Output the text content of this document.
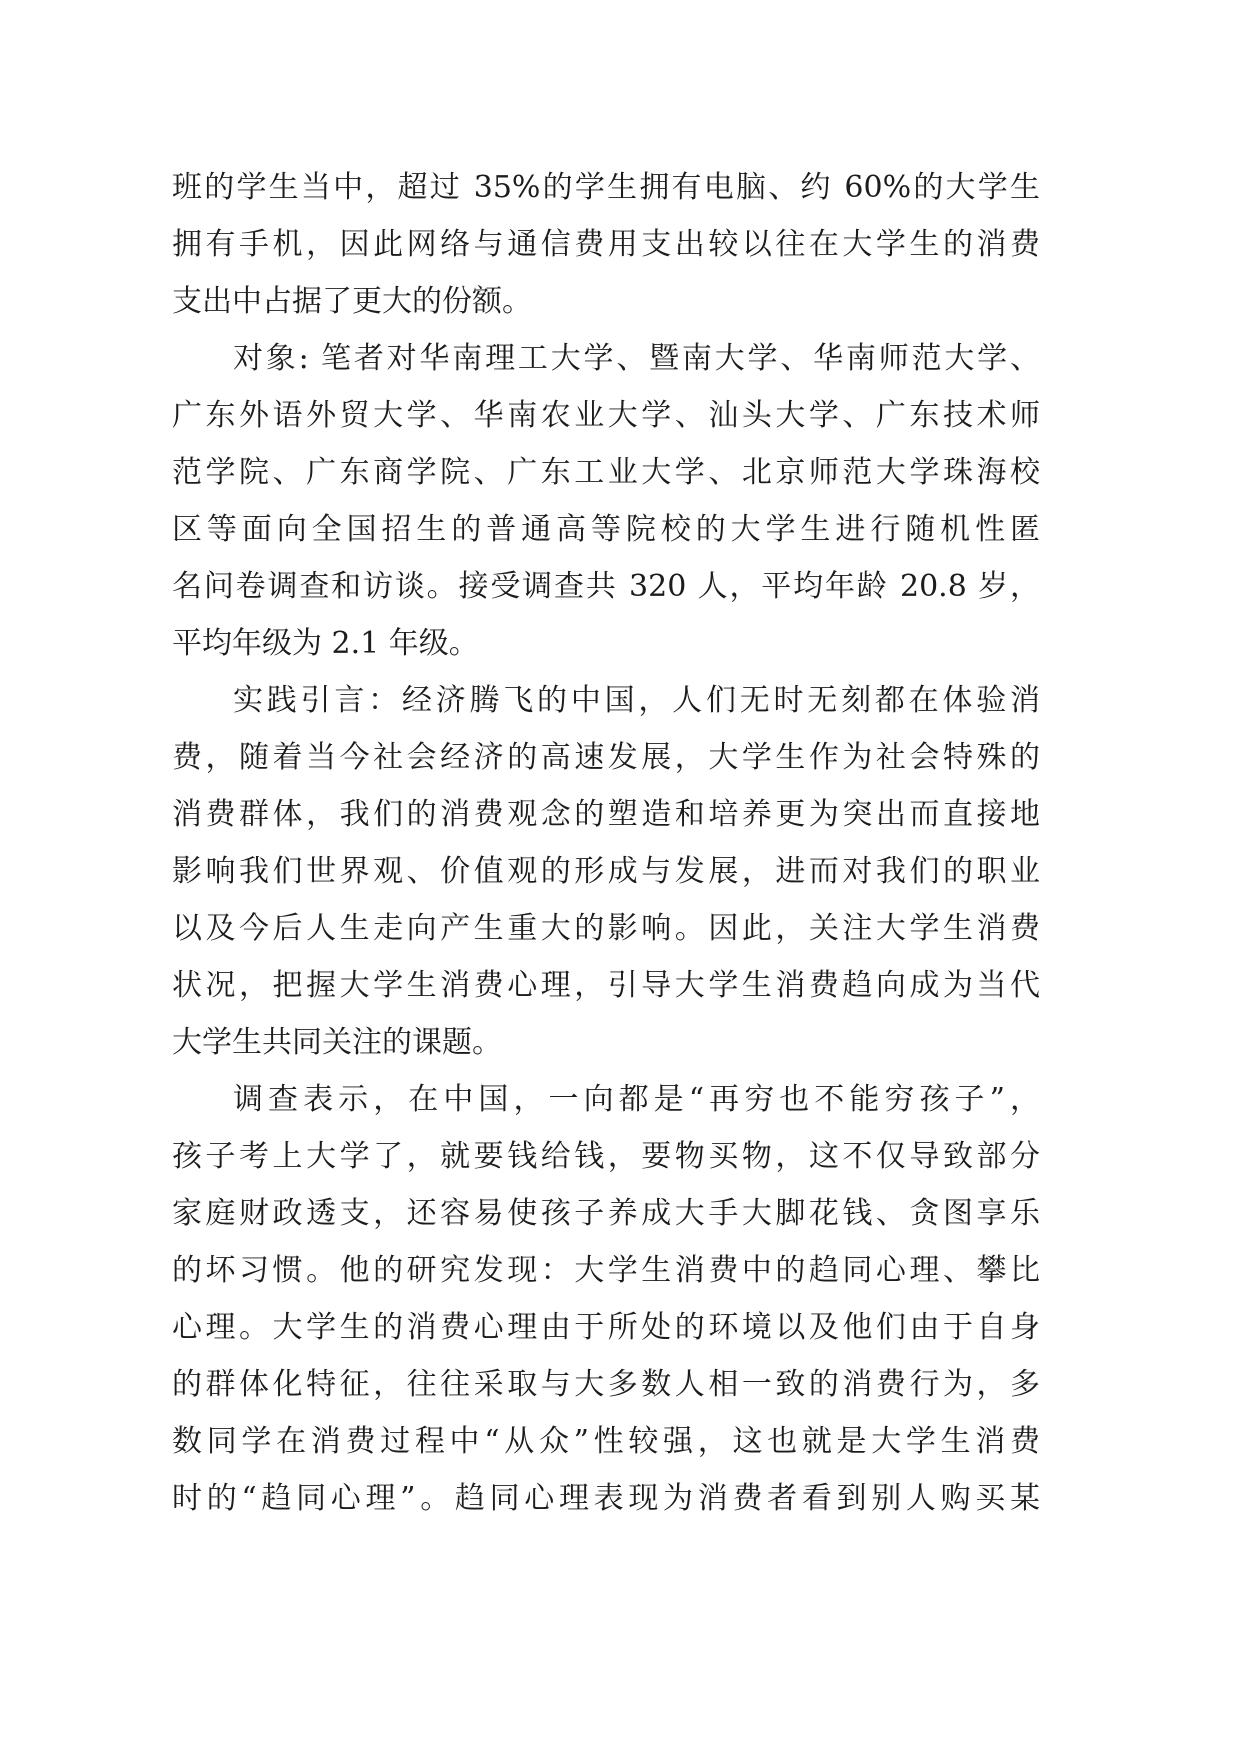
班的学生当中，超过 35%的学生拥有电脑、约 60%的大学生
拥有手机，因此网络与通信费用支出较以往在大学生的消费
支出中占据了更大的份额。
对象: 笔者对华南理工大学、暨南大学、华南师范大学、
广东外语外贸大学、华南农业大学、汕头大学、广东技术师
范学院、广东商学院、广东工业大学、北京师范大学珠海校
区等面向全国招生的普通高等院校的大学生进行随机性匿
名问卷调查和访谈。接受调查共 320 人，平均年龄 20.8 岁，
平均年级为 2.1 年级。
实践引言：经济腾飞的中国，人们无时无刻都在体验消
费，随着当今社会经济的高速发展，大学生作为社会特殊的
消费群体，我们的消费观念的塑造和培养更为突出而直接地
影响我们世界观、价值观的形成与发展，进而对我们的职业
以及今后人生走向产生重大的影响。因此，关注大学生消费
状况，把握大学生消费心理，引导大学生消费趋向成为当代
大学生共同关注的课题。
调查表示，在中国，一向都是“再穷也不能穷孩子”，
孩子考上大学了，就要钱给钱，要物买物，这不仅导致部分
家庭财政透支，还容易使孩子养成大手大脚花钱、贪图享乐
的坏习惯。他的研究发现：大学生消费中的趋同心理、攀比
心理。大学生的消费心理由于所处的环境以及他们由于自身
的群体化特征，往往采取与大多数人相一致的消费行为，多
数同学在消费过程中“从众”性较强，这也就是大学生消费
时的“趋同心理”。趋同心理表现为消费者看到别人购买某
